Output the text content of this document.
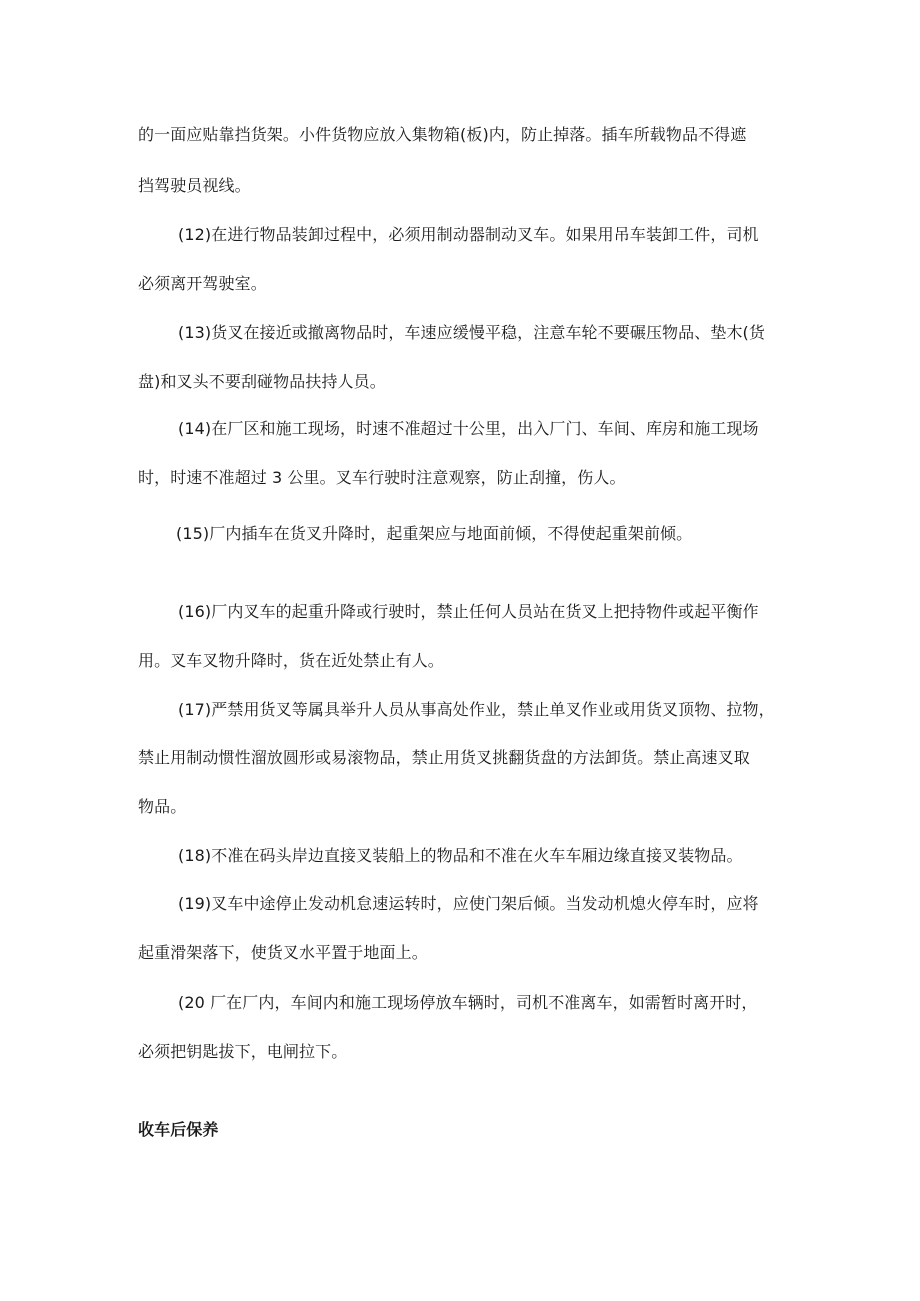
的一面应贴靠挡货架。小件货物应放入集物箱(板)内，防止掉落。插车所载物品不得遮
挡驾驶员视线。
(12)在进行物品装卸过程中，必须用制动器制动叉车。如果用吊车装卸工件，司机
必须离开驾驶室。
(13)货叉在接近或撤离物品时，车速应缓慢平稳，注意车轮不要碾压物品、垫木(货
盘)和叉头不要刮碰物品扶持人员。
(14)在厂区和施工现场，时速不准超过十公里，出入厂门、车间、库房和施工现场
时，时速不准超过 3 公里。叉车行驶时注意观察，防止刮撞，伤人。
(15)厂内插车在货叉升降时，起重架应与地面前倾，不得使起重架前倾。
(16)厂内叉车的起重升降或行驶时，禁止任何人员站在货叉上把持物件或起平衡作
用。叉车叉物升降时，货在近处禁止有人。
(17)严禁用货叉等属具举升人员从事高处作业，禁止单叉作业或用货叉顶物、拉物，
禁止用制动惯性溜放圆形或易滚物品，禁止用货叉挑翻货盘的方法卸货。禁止高速叉取
物品。
(18)不准在码头岸边直接叉装船上的物品和不准在火车车厢边缘直接叉装物品。
(19)叉车中途停止发动机怠速运转时，应使门架后倾。当发动机熄火停车时，应将
起重滑架落下，使货叉水平置于地面上。
(20 厂在厂内，车间内和施工现场停放车辆时，司机不准离车，如需暂时离开时，
必须把钥匙拔下，电闸拉下。
收车后保养
